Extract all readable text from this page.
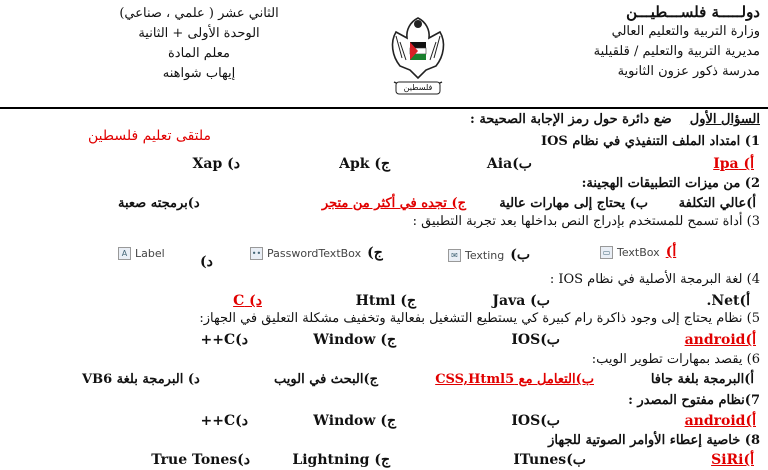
الثاني عشر ( علمي ، صناعي)
الوحدة الأولى + الثانية
معلم المادة
إيهاب شواهنه
فلسطين
دولـــــة فلســـطيـــن
وزارة التربية والتعليم العالي
مديرية التربية والتعليم / قلقيلية
مدرسة ذكور عزون الثانوية
السؤال الأول    ضع دائرة حول رمز الإجابة الصحيحة :
ملتقى تعليم فلسطين	1) امتداد الملف التنفيذي في نظام IOS
أ) Ipa
ب)Aia
ج) Apk
د) Xap
2) من ميزات التطبيقات الهجينة:
أ)عالي التكلفة
ب) يحتاج إلى مهارات عالية
ج) تجده في أكثر من متجر
د)برمجته صعبة
3) أداة تسمح للمستخدم بإدراج النص بداخلها بعد تجربة التطبيق :
▭ TextBox أ)
✉ Texting ب)
•• PasswordTextBox ج)
A Label
د)
4) لغة البرمجة الأصلية في نظام IOS :
أ)Net.
ب) Java
ج) Html
د) C
5) نظام يحتاج إلى وجود ذاكرة رام كبيرة كي يستطيع التشغيل بفعالية وتخفيف مشكلة التعليق في الجهاز:
أ)android
ب)IOS
ج) Window
د)C++
6) يقصد بمهارات تطوير الويب:
أ)البرمجة بلغة جافا
ب)التعامل مع CSS,Html5
ج)البحث في الويب
د) البرمجة بلغة VB6
7)نظام مفتوح المصدر :
أ)android
ب)IOS
ج) Window
د)C++
8) خاصية إعطاء الأوامر الصوتية للجهاز
أ)SiRi
ب)ITunes
ج) Lightning
د)True Tones
